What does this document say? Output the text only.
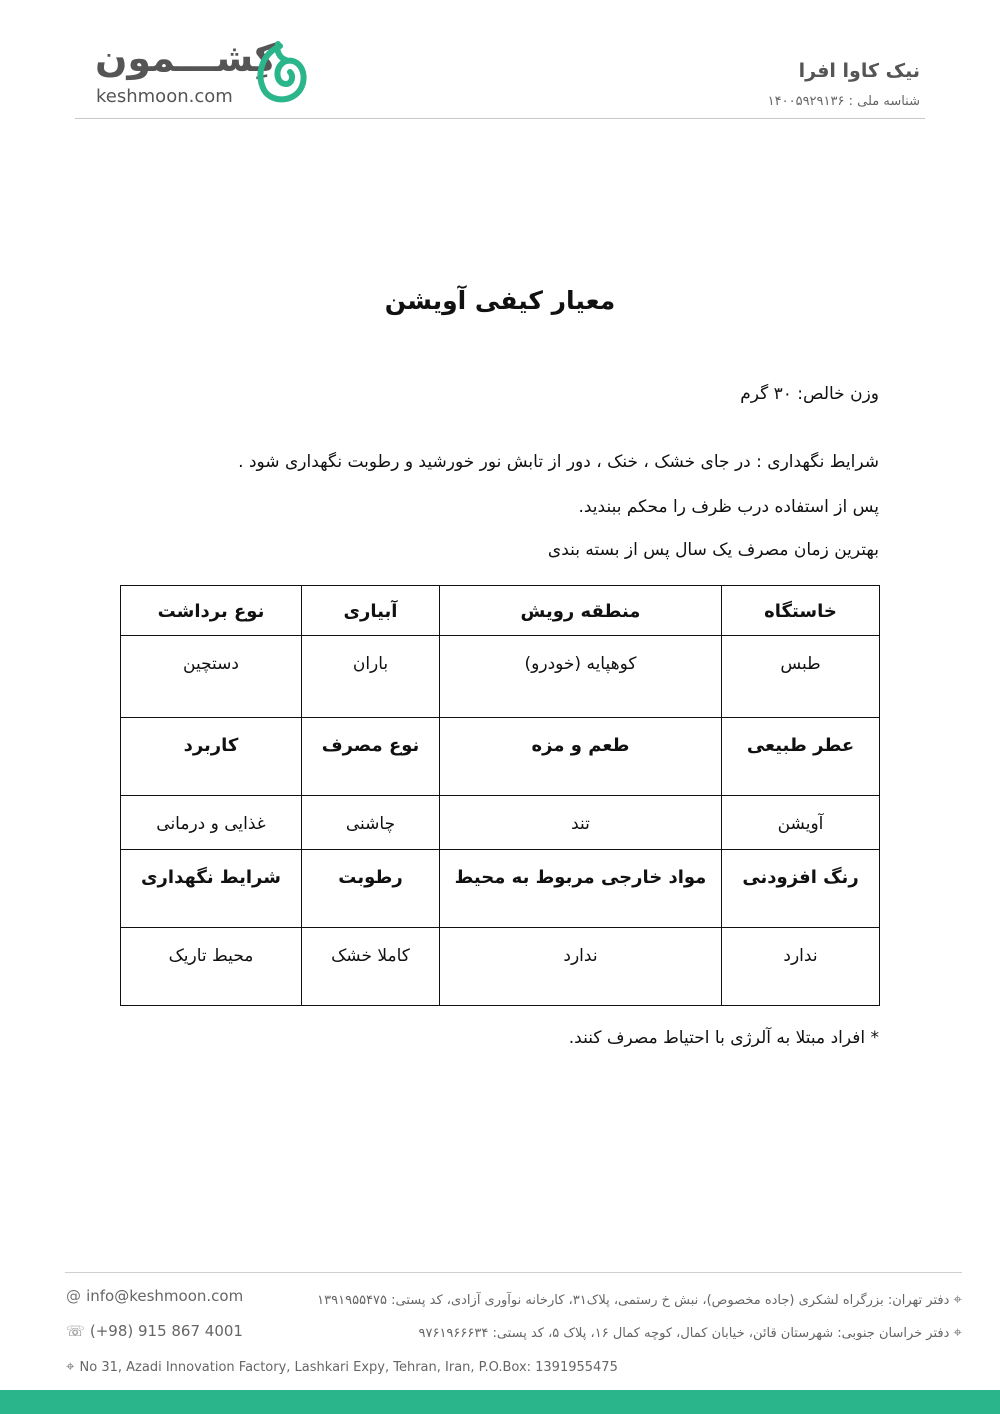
نیک کاوا افرا
شناسه ملی : ۱۴۰۰۵۹۲۹۱۳۶
کِشـــمون
keshmoon.com
معیار کیفی آویشن
وزن خالص: ۳۰ گرم
شرایط نگهداری : در جای خشک ، خنک ، دور از تابش نور خورشید و رطوبت نگهداری شود .
پس از استفاده درب ظرف را محکم ببندید.
بهترین زمان مصرف یک سال پس از بسته بندی
خاستگاه	منطقه رویش	آبیاری	نوع برداشت
طبس	کوهپایه (خودرو)	باران	دستچین
عطر طبیعی	طعم و مزه	نوع مصرف	کاربرد
آویشن	تند	چاشنی	غذایی و درمانی
رنگ افزودنی	مواد خارجی مربوط به محیط	رطوبت	شرایط نگهداری
ندارد	ندارد	کاملا خشک	محیط تاریک
* افراد مبتلا به آلرژی با احتیاط مصرف کنند.
@ info@keshmoon.com
☏ (+98) 915 867 4001
⌖ No 31, Azadi Innovation Factory, Lashkari Expy, Tehran, Iran, P.O.Box: 1391955475
⌖ دفتر تهران: بزرگراه لشکری (جاده مخصوص)، نبش خ رستمی، پلاک۳۱، کارخانه نوآوری آزادی، کد پستی: ۱۳۹۱۹۵۵۴۷۵
⌖ دفتر خراسان جنوبی: شهرستان قائن، خیابان کمال، کوچه کمال ۱۶، پلاک ۵، کد پستی: ۹۷۶۱۹۶۶۶۳۴
